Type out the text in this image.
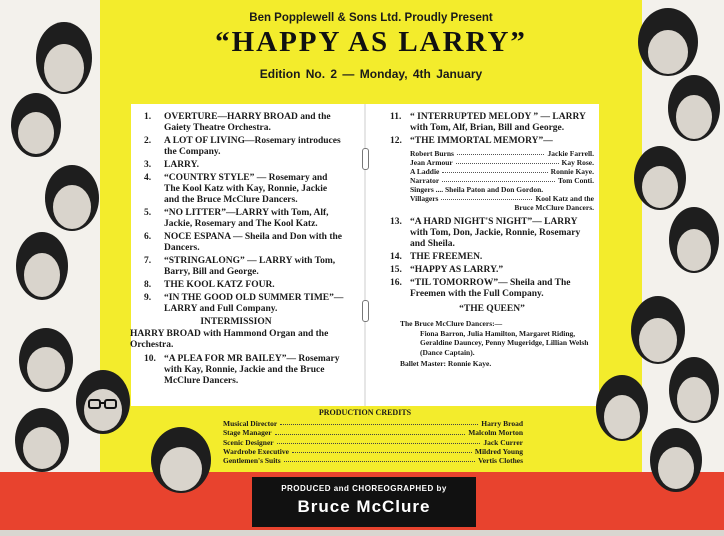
Ben Popplewell & Sons Ltd. Proudly Present
“HAPPY AS LARRY”
Edition No. 2 — Monday, 4th January
1. OVERTURE—HARRY BROAD and the Gaiety Theatre Orchestra.
2. A LOT OF LIVING—Rosemary introduces the Company.
3. LARRY.
4. “COUNTRY STYLE” — Rosemary and The Kool Katz with Kay, Ronnie, Jackie and the Bruce McClure Dancers.
5. “NO LITTER”—LARRY with Tom, Alf, Jackie, Rosemary and The Kool Katz.
6. NOCE ESPANA — Sheila and Don with the Dancers.
7. “STRINGALONG” — LARRY with Tom, Barry, Bill and George.
8. THE KOOL KATZ FOUR.
9. “IN THE GOOD OLD SUMMER TIME”—LARRY and Full Company.
INTERMISSION
HARRY BROAD with Hammond Organ and the Orchestra.
10. “A PLEA FOR MR BAILEY”— Rosemary with Kay, Ronnie, Jackie and the Bruce McClure Dancers.
11. “ INTERRUPTED MELODY ” — LARRY with Tom, Alf, Brian, Bill and George.
12. “THE IMMORTAL MEMORY”—
Robert Burns	Jackie Farrell.
Jean Armour	Kay Rose.
A Laddie	Ronnie Kaye.
Narrator	Tom Conti.
Singers .... Sheila Paton and Don Gordon.
Villagers	Kool Katz and the
Bruce McClure Dancers.
13. “A HARD NIGHT'S NIGHT”— LARRY with Tom, Don, Jackie, Ronnie, Rosemary and Sheila.
14. THE FREEMEN.
15. “HAPPY AS LARRY.”
16. “TIL TOMORROW”— Sheila and The Freemen with the Full Company.
“THE QUEEN”
The Bruce McClure Dancers:—
Fiona Barron, Julia Hamilton, Margaret Riding, Geraldine Dauncey, Penny Mugeridge, Lillian Welsh (Dance Captain).
Ballet Master: Ronnie Kaye.
PRODUCTION CREDITS
Musical Director	Harry Broad
Stage Manager	Malcolm Morton
Scenic Designer	Jack Currer
Wardrobe Executive	Mildred Young
Gentlemen's Suits	Vertis Clothes
PRODUCED and CHOREOGRAPHED by
Bruce McClure
